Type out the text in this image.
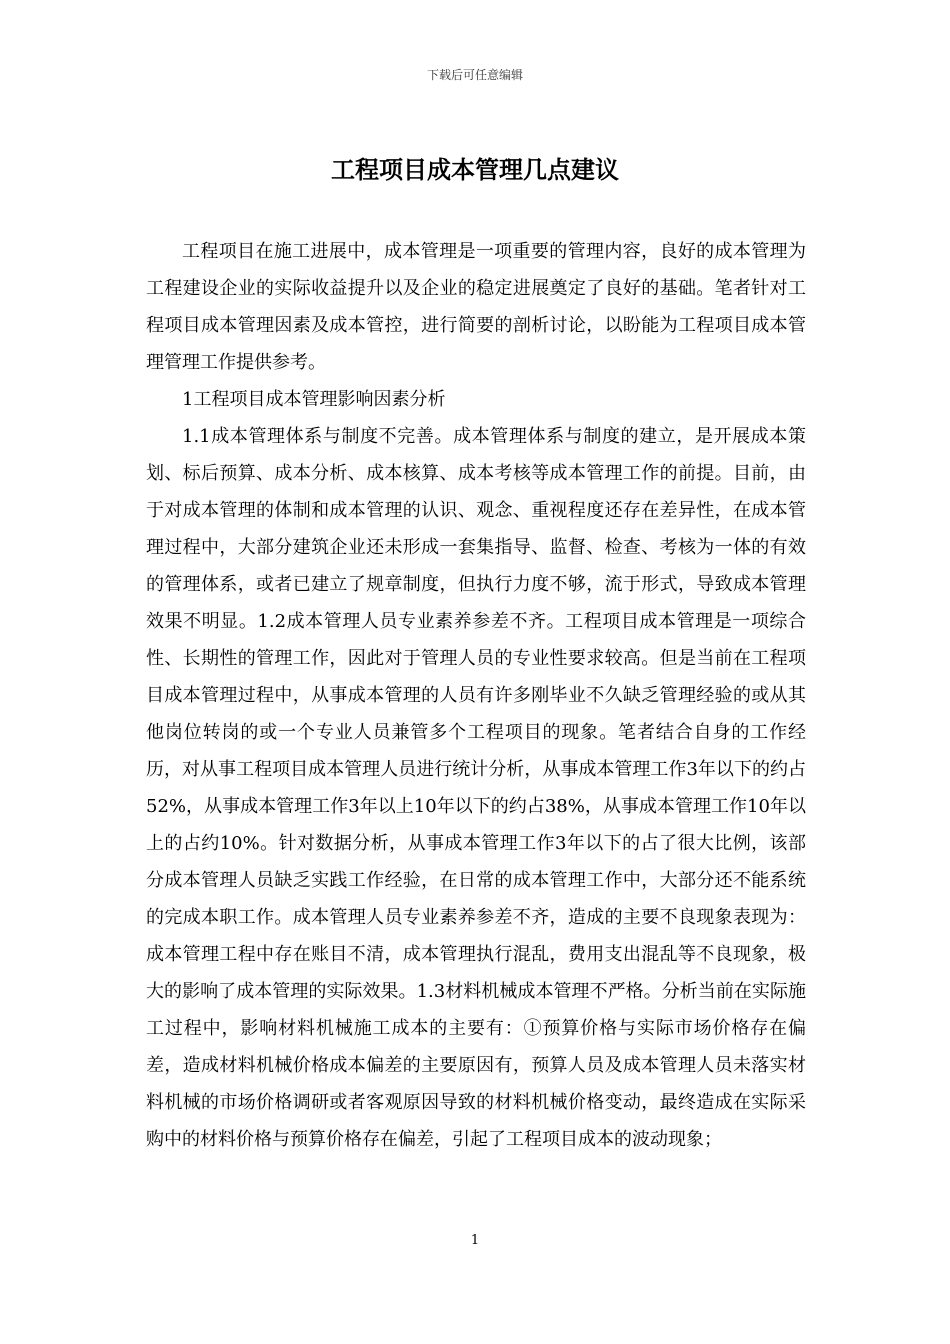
下载后可任意编辑
工程项目成本管理几点建议

工程项目在施工进展中，成本管理是一项重要的管理内容，良好的成本管理为工程建设企业的实际收益提升以及企业的稳定进展奠定了良好的基础。笔者针对工程项目成本管理因素及成本管控，进行简要的剖析讨论，以盼能为工程项目成本管理管理工作提供参考。

1工程项目成本管理影响因素分析

1.1成本管理体系与制度不完善。成本管理体系与制度的建立，是开展成本策划、标后预算、成本分析、成本核算、成本考核等成本管理工作的前提。目前，由于对成本管理的体制和成本管理的认识、观念、重视程度还存在差异性，在成本管理过程中，大部分建筑企业还未形成一套集指导、监督、检查、考核为一体的有效的管理体系，或者已建立了规章制度，但执行力度不够，流于形式，导致成本管理效果不明显。1.2成本管理人员专业素养参差不齐。工程项目成本管理是一项综合性、长期性的管理工作，因此对于管理人员的专业性要求较高。但是当前在工程项目成本管理过程中，从事成本管理的人员有许多刚毕业不久缺乏管理经验的或从其他岗位转岗的或一个专业人员兼管多个工程项目的现象。笔者结合自身的工作经历，对从事工程项目成本管理人员进行统计分析，从事成本管理工作3年以下的约占52%，从事成本管理工作3年以上10年以下的约占38%，从事成本管理工作10年以上的占约10%。针对数据分析，从事成本管理工作3年以下的占了很大比例，该部分成本管理人员缺乏实践工作经验，在日常的成本管理工作中，大部分还不能系统的完成本职工作。成本管理人员专业素养参差不齐，造成的主要不良现象表现为：成本管理工程中存在账目不清，成本管理执行混乱，费用支出混乱等不良现象，极大的影响了成本管理的实际效果。1.3材料机械成本管理不严格。分析当前在实际施工过程中，影响材料机械施工成本的主要有：①预算价格与实际市场价格存在偏差，造成材料机械价格成本偏差的主要原因有，预算人员及成本管理人员未落实材料机械的市场价格调研或者客观原因导致的材料机械价格变动，最终造成在实际采购中的材料价格与预算价格存在偏差，引起了工程项目成本的波动现象；

1
